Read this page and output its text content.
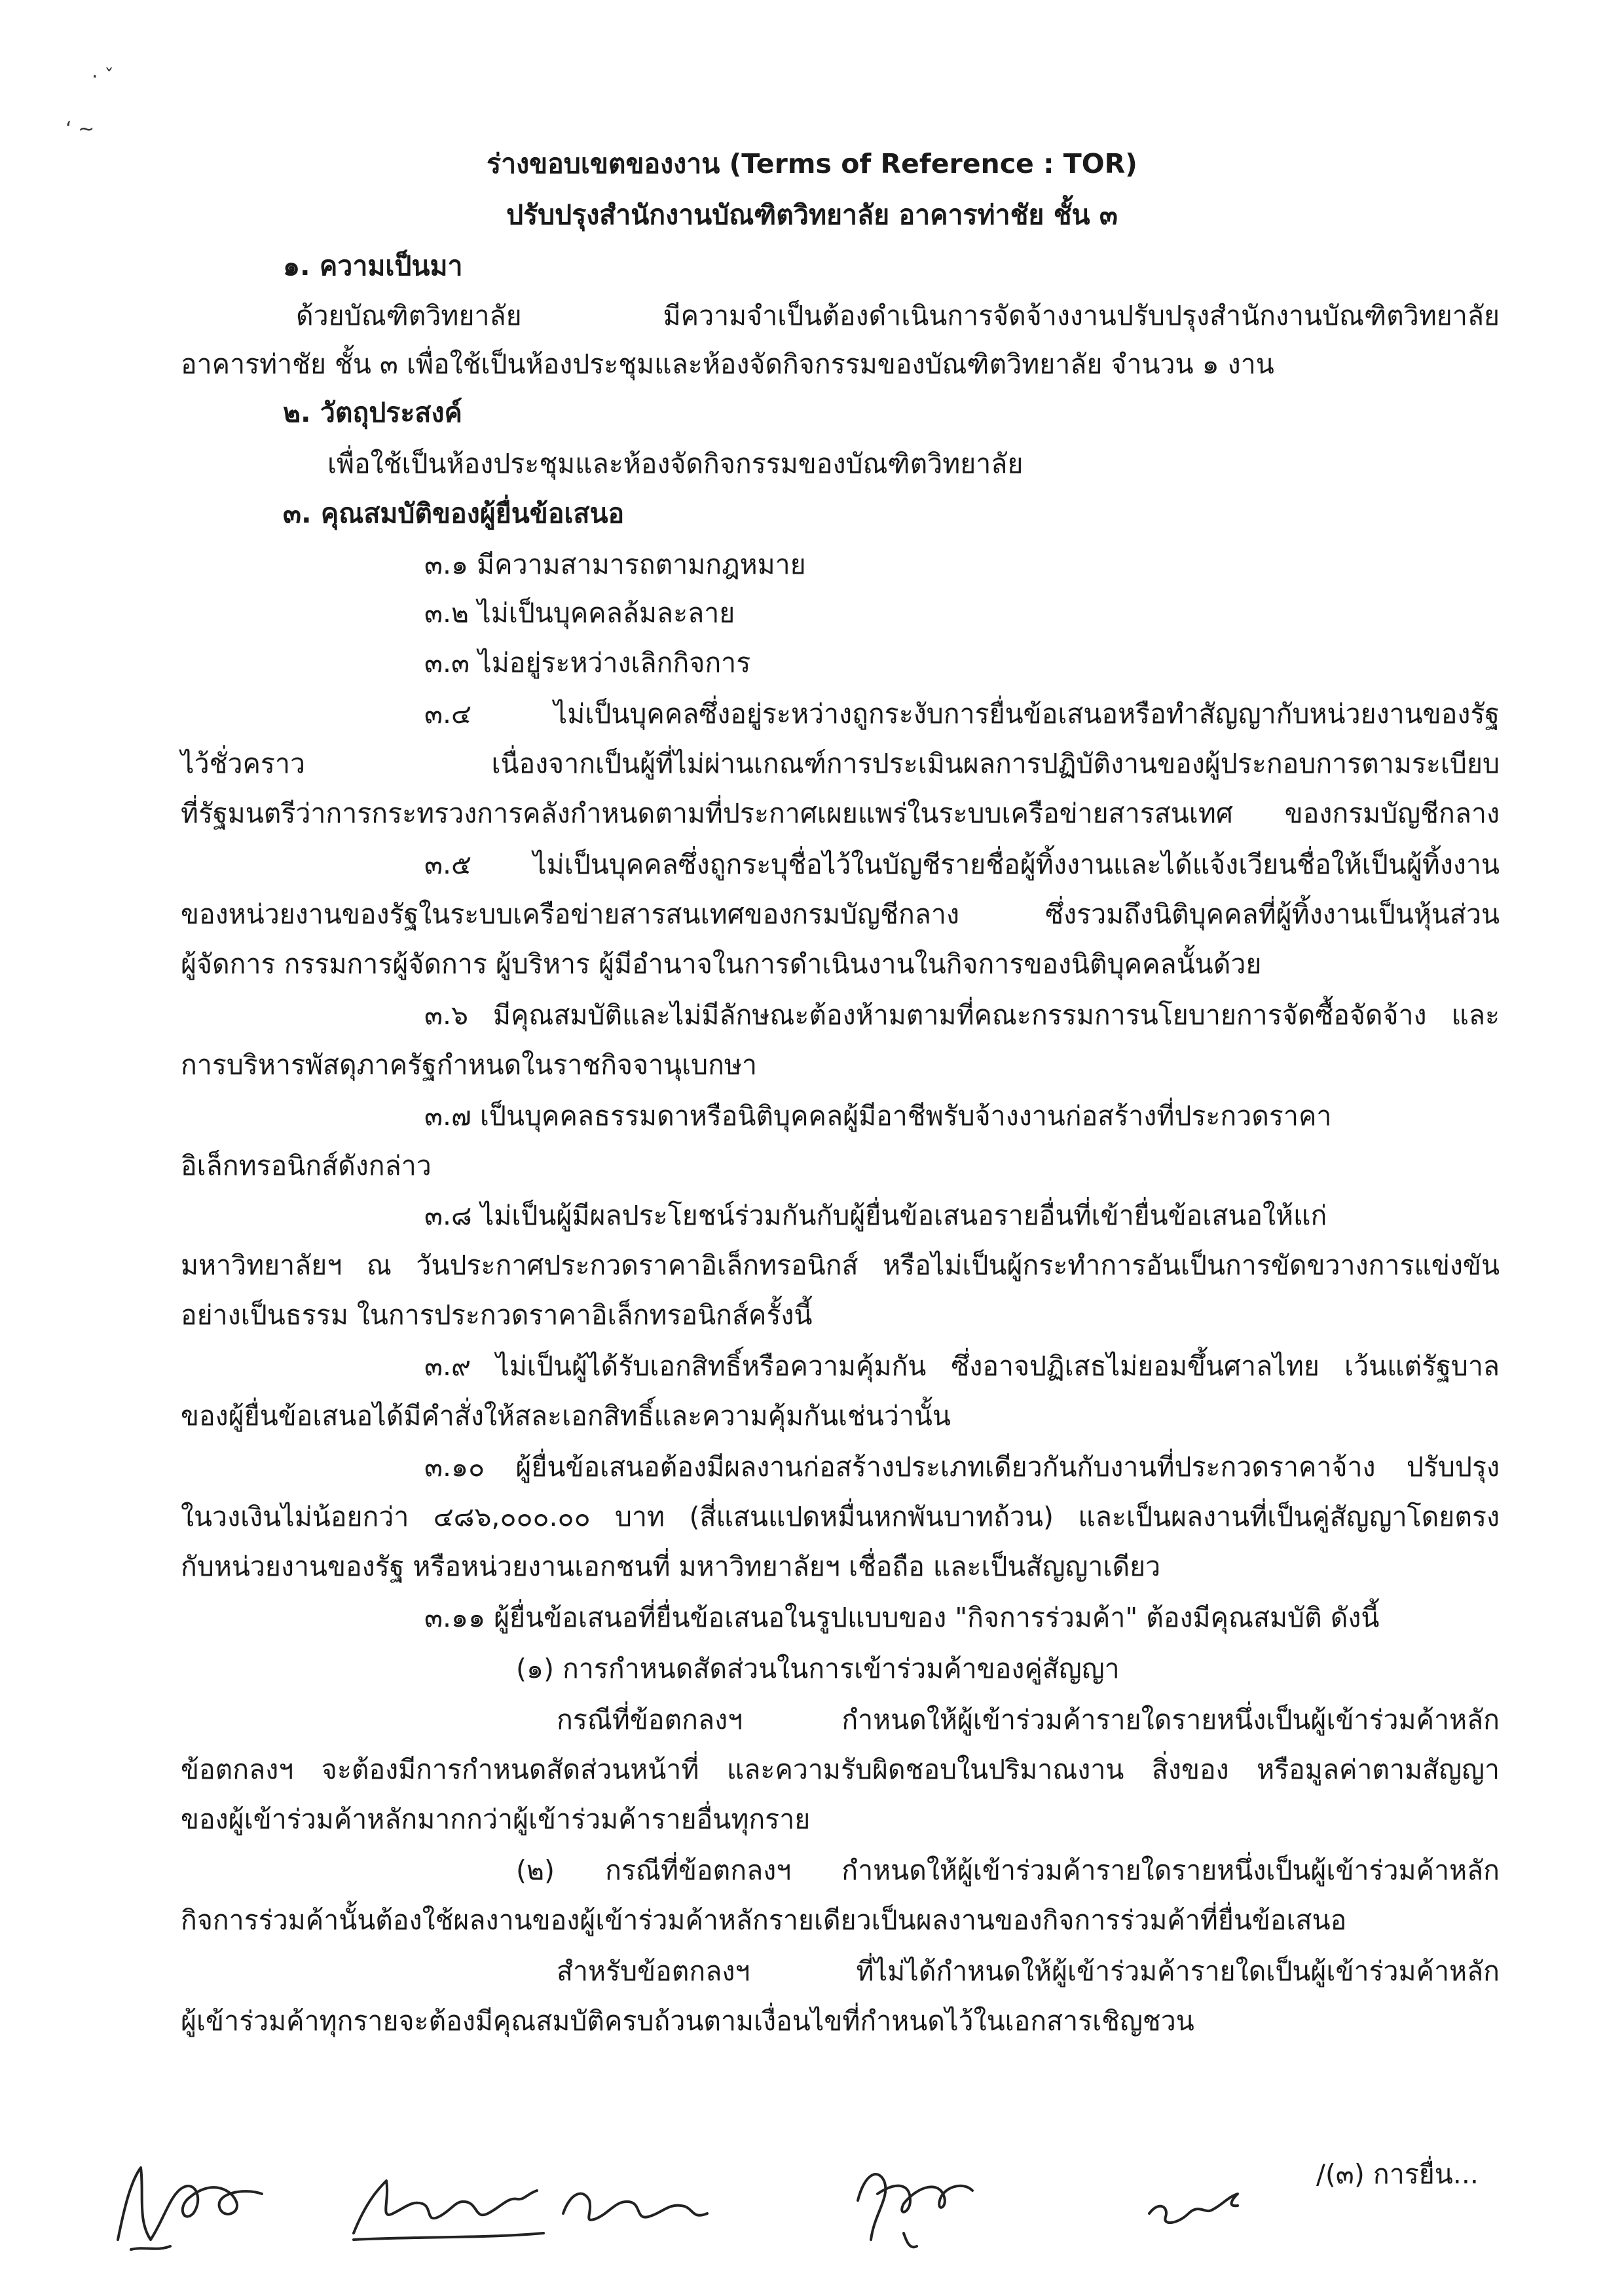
· ˇ
‘ ~
ร่างขอบเขตของงาน (Terms of Reference : TOR)
ปรับปรุงสำนักงานบัณฑิตวิทยาลัย อาคารท่าชัย ชั้น ๓
๑. ความเป็นมา
ด้วยบัณฑิตวิทยาลัย มีความจำเป็นต้องดำเนินการจัดจ้างงานปรับปรุงสำนักงานบัณฑิตวิทยาลัย
อาคารท่าชัย ชั้น ๓ เพื่อใช้เป็นห้องประชุมและห้องจัดกิจกรรมของบัณฑิตวิทยาลัย จำนวน ๑ งาน
๒. วัตถุประสงค์
เพื่อใช้เป็นห้องประชุมและห้องจัดกิจกรรมของบัณฑิตวิทยาลัย
๓. คุณสมบัติของผู้ยื่นข้อเสนอ
๓.๑ มีความสามารถตามกฎหมาย
๓.๒ ไม่เป็นบุคคลล้มละลาย
๓.๓ ไม่อยู่ระหว่างเลิกกิจการ
๓.๔ ไม่เป็นบุคคลซึ่งอยู่ระหว่างถูกระงับการยื่นข้อเสนอหรือทำสัญญากับหน่วยงานของรัฐ
ไว้ชั่วคราว เนื่องจากเป็นผู้ที่ไม่ผ่านเกณฑ์การประเมินผลการปฏิบัติงานของผู้ประกอบการตามระเบียบ
ที่รัฐมนตรีว่าการกระทรวงการคลังกำหนดตามที่ประกาศเผยแพร่ในระบบเครือข่ายสารสนเทศ ของกรมบัญชีกลาง
๓.๕ ไม่เป็นบุคคลซึ่งถูกระบุชื่อไว้ในบัญชีรายชื่อผู้ทิ้งงานและได้แจ้งเวียนชื่อให้เป็นผู้ทิ้งงาน
ของหน่วยงานของรัฐในระบบเครือข่ายสารสนเทศของกรมบัญชีกลาง ซึ่งรวมถึงนิติบุคคลที่ผู้ทิ้งงานเป็นหุ้นส่วน
ผู้จัดการ กรรมการผู้จัดการ ผู้บริหาร ผู้มีอำนาจในการดำเนินงานในกิจการของนิติบุคคลนั้นด้วย
๓.๖ มีคุณสมบัติและไม่มีลักษณะต้องห้ามตามที่คณะกรรมการนโยบายการจัดซื้อจัดจ้าง และ
การบริหารพัสดุภาครัฐกำหนดในราชกิจจานุเบกษา
๓.๗ เป็นบุคคลธรรมดาหรือนิติบุคคลผู้มีอาชีพรับจ้างงานก่อสร้างที่ประกวดราคา
อิเล็กทรอนิกส์ดังกล่าว
๓.๘ ไม่เป็นผู้มีผลประโยชน์ร่วมกันกับผู้ยื่นข้อเสนอรายอื่นที่เข้ายื่นข้อเสนอให้แก่
มหาวิทยาลัยฯ ณ วันประกาศประกวดราคาอิเล็กทรอนิกส์ หรือไม่เป็นผู้กระทำการอันเป็นการขัดขวางการแข่งขัน
อย่างเป็นธรรม ในการประกวดราคาอิเล็กทรอนิกส์ครั้งนี้
๓.๙ ไม่เป็นผู้ได้รับเอกสิทธิ์หรือความคุ้มกัน ซึ่งอาจปฏิเสธไม่ยอมขึ้นศาลไทย เว้นแต่รัฐบาล
ของผู้ยื่นข้อเสนอได้มีคำสั่งให้สละเอกสิทธิ์และความคุ้มกันเช่นว่านั้น
๓.๑๐ ผู้ยื่นข้อเสนอต้องมีผลงานก่อสร้างประเภทเดียวกันกับงานที่ประกวดราคาจ้าง ปรับปรุง
ในวงเงินไม่น้อยกว่า ๔๘๖,๐๐๐.๐๐ บาท (สี่แสนแปดหมื่นหกพันบาทถ้วน) และเป็นผลงานที่เป็นคู่สัญญาโดยตรง
กับหน่วยงานของรัฐ หรือหน่วยงานเอกชนที่ มหาวิทยาลัยฯ เชื่อถือ และเป็นสัญญาเดียว
๓.๑๑ ผู้ยื่นข้อเสนอที่ยื่นข้อเสนอในรูปแบบของ "กิจการร่วมค้า" ต้องมีคุณสมบัติ ดังนี้
(๑) การกำหนดสัดส่วนในการเข้าร่วมค้าของคู่สัญญา
กรณีที่ข้อตกลงฯ กำหนดให้ผู้เข้าร่วมค้ารายใดรายหนึ่งเป็นผู้เข้าร่วมค้าหลัก
ข้อตกลงฯ จะต้องมีการกำหนดสัดส่วนหน้าที่ และความรับผิดชอบในปริมาณงาน สิ่งของ หรือมูลค่าตามสัญญา
ของผู้เข้าร่วมค้าหลักมากกว่าผู้เข้าร่วมค้ารายอื่นทุกราย
(๒) กรณีที่ข้อตกลงฯ กำหนดให้ผู้เข้าร่วมค้ารายใดรายหนึ่งเป็นผู้เข้าร่วมค้าหลัก
กิจการร่วมค้านั้นต้องใช้ผลงานของผู้เข้าร่วมค้าหลักรายเดียวเป็นผลงานของกิจการร่วมค้าที่ยื่นข้อเสนอ
สำหรับข้อตกลงฯ ที่ไม่ได้กำหนดให้ผู้เข้าร่วมค้ารายใดเป็นผู้เข้าร่วมค้าหลัก
ผู้เข้าร่วมค้าทุกรายจะต้องมีคุณสมบัติครบถ้วนตามเงื่อนไขที่กำหนดไว้ในเอกสารเชิญชวน
/(๓) การยื่น...
